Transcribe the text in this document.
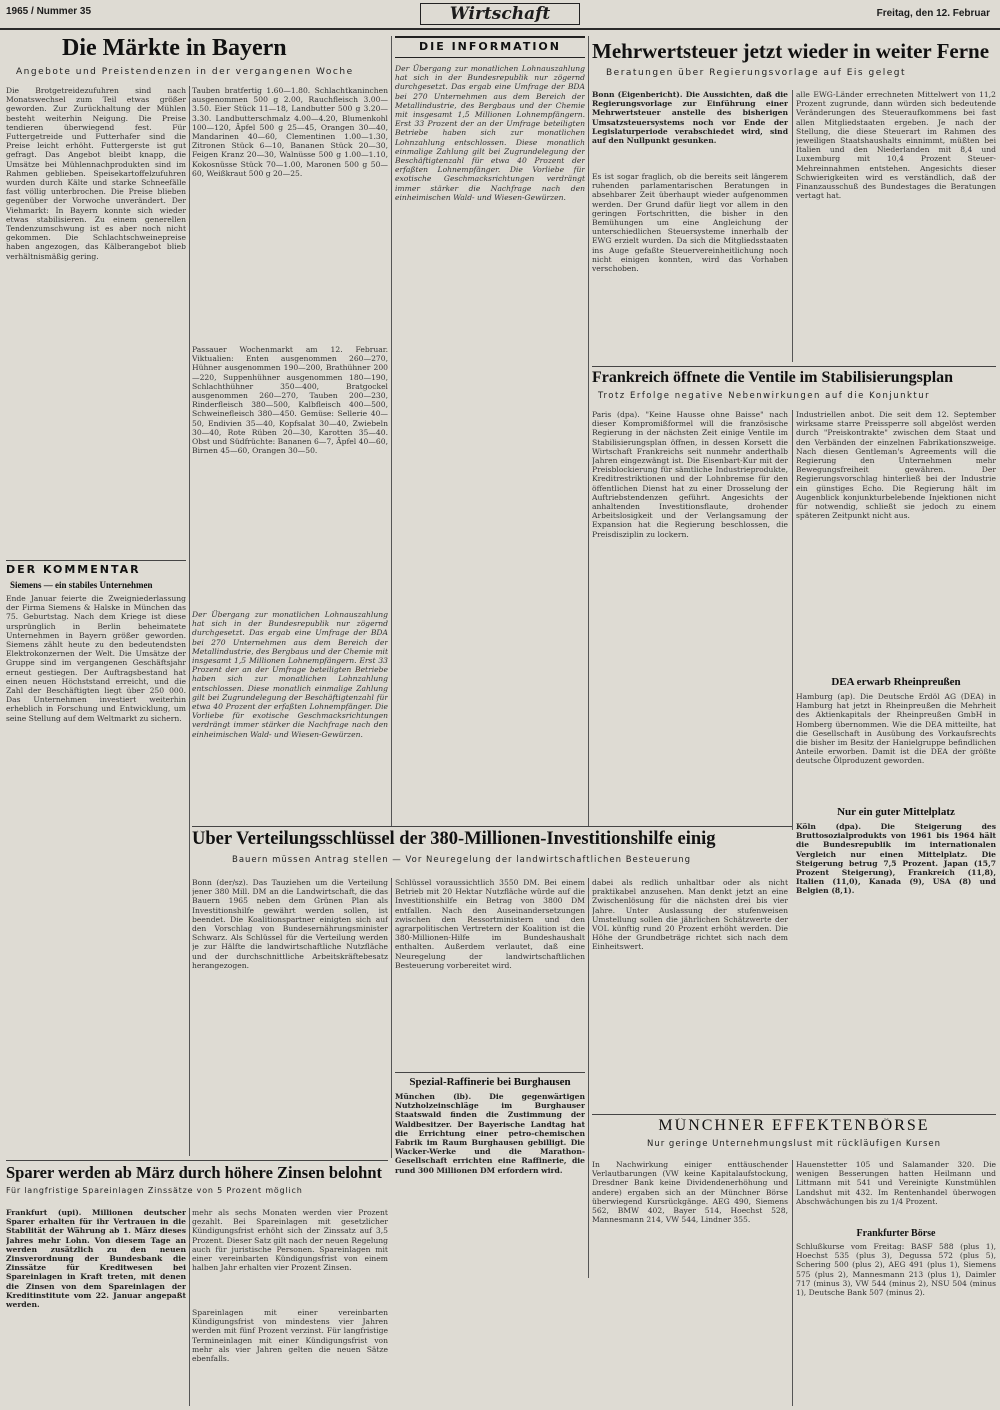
1965 / Nummer 35	Wirtschaft	Freitag, den 12. Februar
Die Märkte in Bayern
Angebote und Preistendenzen in der vergangenen Woche
Die Brotgetreidezufuhren sind nach Monatswechsel zum Teil etwas größer geworden. Zur Zurückhaltung der Mühlen besteht weiterhin Neigung. Die Preise tendieren überwiegend fest. Für Futtergetreide und Futterhafer sind die Preise leicht erhöht. Futtergerste ist gut gefragt. Das Angebot bleibt knapp, die Umsätze bei Mühlennachprodukten sind im Rahmen geblieben. Speisekartoffelzufuhren wurden durch Kälte und starke Schneefälle fast völlig unterbrochen. Die Preise blieben gegenüber der Vorwoche unverändert. Der Viehmarkt: In Bayern konnte sich wieder etwas stabilisieren. Zu einem generellen Tendenzumschwung ist es aber noch nicht gekommen. Die Schlachtschweinepreise haben angezogen, das Kälberangebot blieb verhältnismäßig gering.
Tauben bratfertig 1.60—1.80. Schlachtkaninchen ausgenommen 500 g 2.00, Rauchfleisch 3.00—3.50. Eier Stück 11—18, Landbutter 500 g 3.20—3.30. Landbutterschmalz 4.00—4.20, Blumenkohl 100—120, Äpfel 500 g 25—45, Orangen 30—40, Mandarinen 40—60, Clementinen 1.00—1.30, Zitronen Stück 6—10, Bananen Stück 20—30, Feigen Kranz 20—30, Walnüsse 500 g 1.00—1.10, Kokosnüsse Stück 70—1.00, Maronen 500 g 50—60, Weißkraut 500 g 20—25.
Passauer Wochenmarkt am 12. Februar. Viktualien: Enten ausgenommen 260—270, Hühner ausgenommen 190—200, Brathühner 200—220, Suppenhühner ausgenommen 180—190, Schlachthühner 350—400, Bratgockel ausgenommen 260—270, Tauben 200—230, Rinderfleisch 380—500, Kalbfleisch 400—500, Schweinefleisch 380—450. Gemüse: Sellerie 40—50, Endivien 35—40, Kopfsalat 30—40, Zwiebeln 30—40, Rote Rüben 20—30, Karotten 35—40. Obst und Südfrüchte: Bananen 6—7, Äpfel 40—60, Birnen 45—60, Orangen 30—50.
DER KOMMENTAR
Siemens — ein stabiles Unternehmen
Ende Januar feierte die Zweigniederlassung der Firma Siemens & Halske in München das 75. Geburtstag. Nach dem Kriege ist diese ursprünglich in Berlin beheimatete Unternehmen in Bayern größer geworden. Siemens zählt heute zu den bedeutendsten Elektrokonzernen der Welt. Die Umsätze der Gruppe sind im vergangenen Geschäftsjahr erneut gestiegen. Der Auftragsbestand hat einen neuen Höchststand erreicht, und die Zahl der Beschäftigten liegt über 250 000. Das Unternehmen investiert weiterhin erheblich in Forschung und Entwicklung, um seine Stellung auf dem Weltmarkt zu sichern.
Der Übergang zur monatlichen Lohnauszahlung hat sich in der Bundesrepublik nur zögernd durchgesetzt. Das ergab eine Umfrage der BDA bei 270 Unternehmen aus dem Bereich der Metallindustrie, des Bergbaus und der Chemie mit insgesamt 1,5 Millionen Lohnempfängern. Erst 33 Prozent der an der Umfrage beteiligten Betriebe haben sich zur monatlichen Lohnzahlung entschlossen. Diese monatlich einmalige Zahlung gilt bei Zugrundelegung der Beschäftigtenzahl für etwa 40 Prozent der erfaßten Lohnempfänger. Die Vorliebe für exotische Geschmacksrichtungen verdrängt immer stärker die Nachfrage nach den einheimischen Wald- und Wiesen-Gewürzen.
DIE INFORMATION
Der Übergang zur monatlichen Lohnauszahlung hat sich in der Bundesrepublik nur zögernd durchgesetzt. Das ergab eine Umfrage der BDA bei 270 Unternehmen aus dem Bereich der Metallindustrie, des Bergbaus und der Chemie mit insgesamt 1,5 Millionen Lohnempfängern. Erst 33 Prozent der an der Umfrage beteiligten Betriebe haben sich zur monatlichen Lohnzahlung entschlossen. Diese monatlich einmalige Zahlung gilt bei Zugrundelegung der Beschäftigtenzahl für etwa 40 Prozent der erfaßten Lohnempfänger. Die Vorliebe für exotische Geschmacksrichtungen verdrängt immer stärker die Nachfrage nach den einheimischen Wald- und Wiesen-Gewürzen.
Mehrwertsteuer jetzt wieder in weiter Ferne
Beratungen über Regierungsvorlage auf Eis gelegt
Bonn (Eigenbericht). Die Aussichten, daß die Regierungsvorlage zur Einführung einer Mehrwertsteuer anstelle des bisherigen Umsatzsteuersystems noch vor Ende der Legislaturperiode verabschiedet wird, sind auf den Nullpunkt gesunken.
Es ist sogar fraglich, ob die bereits seit längerem ruhenden parlamentarischen Beratungen in absehbarer Zeit überhaupt wieder aufgenommen werden. Der Grund dafür liegt vor allem in den geringen Fortschritten, die bisher in den Bemühungen um eine Angleichung der unterschiedlichen Steuersysteme innerhalb der EWG erzielt wurden. Da sich die Mitgliedsstaaten ins Auge gefaßte Steuervereinheitlichung noch nicht einigen konnten, wird das Vorhaben verschoben.
alle EWG-Länder errechneten Mittelwert von 11,2 Prozent zugrunde, dann würden sich bedeutende Veränderungen des Steueraufkommens bei fast allen Mitgliedstaaten ergeben. Je nach der Stellung, die diese Steuerart im Rahmen des jeweiligen Staatshaushalts einnimmt, müßten bei Italien und den Niederlanden mit 8,4 und Luxemburg mit 10,4 Prozent Steuer-Mehreinnahmen entstehen. Angesichts dieser Schwierigkeiten wird es verständlich, daß der Finanzausschuß des Bundestages die Beratungen vertagt hat.
Frankreich öffnete die Ventile im Stabilisierungsplan
Trotz Erfolge negative Nebenwirkungen auf die Konjunktur
Paris (dpa). "Keine Hausse ohne Baisse" nach dieser Kompromißformel will die französische Regierung in der nächsten Zeit einige Ventile im Stabilisierungsplan öffnen, in dessen Korsett die Wirtschaft Frankreichs seit nunmehr anderthalb Jahren eingezwängt ist. Die Eisenbart-Kur mit der Preisblockierung für sämtliche Industrieprodukte, Kreditrestriktionen und der Lohnbremse für den öffentlichen Dienst hat zu einer Drosselung der Auftriebstendenzen geführt. Angesichts der anhaltenden Investitionsflaute, drohender Arbeitslosigkeit und der Verlangsamung der Expansion hat die Regierung beschlossen, die Preisdisziplin zu lockern.
Industriellen anbot. Die seit dem 12. September wirksame starre Preissperre soll abgelöst werden durch "Preiskontrakte" zwischen dem Staat und den Verbänden der einzelnen Fabrikationszweige. Nach diesen Gentleman's Agreements will die Regierung den Unternehmen mehr Bewegungsfreiheit gewähren. Der Regierungsvorschlag hinterließ bei der Industrie ein günstiges Echo. Die Regierung hält im Augenblick konjunkturbelebende Injektionen nicht für notwendig, schließt sie jedoch zu einem späteren Zeitpunkt nicht aus.
DEA erwarb Rheinpreußen
Hamburg (ap). Die Deutsche Erdöl AG (DEA) in Hamburg hat jetzt in Rheinpreußen die Mehrheit des Aktienkapitals der Rheinpreußen GmbH in Homberg übernommen. Wie die DEA mitteilte, hat die Gesellschaft in Ausübung des Vorkaufsrechts die bisher im Besitz der Hanielgruppe befindlichen Anteile erworben. Damit ist die DEA der größte deutsche Ölproduzent geworden.
Nur ein guter Mittelplatz
Köln (dpa). Die Steigerung des Bruttosozialprodukts von 1961 bis 1964 hält die Bundesrepublik im internationalen Vergleich nur einen Mittelplatz. Die Steigerung betrug 7,5 Prozent. Japan (15,7 Prozent Steigerung), Frankreich (11,8), Italien (11,0), Kanada (9), USA (8) und Belgien (8,1).
Über Verteilungsschlüssel der 380-Millionen-Investitionshilfe einig
Bauern müssen Antrag stellen — Vor Neuregelung der landwirtschaftlichen Besteuerung
Bonn (der/sz). Das Tauziehen um die Verteilung jener 380 Mill. DM an die Landwirtschaft, die das Bauern 1965 neben dem Grünen Plan als Investitionshilfe gewährt werden sollen, ist beendet. Die Koalitionspartner einigten sich auf den Vorschlag von Bundesernährungsminister Schwarz. Als Schlüssel für die Verteilung werden je zur Hälfte die landwirtschaftliche Nutzfläche und der durchschnittliche Arbeitskräftebesatz herangezogen.
Schlüssel voraussichtlich 3550 DM. Bei einem Betrieb mit 20 Hektar Nutzfläche würde auf die Investitionshilfe ein Betrag von 3800 DM entfallen. Nach den Auseinandersetzungen zwischen den Ressortministern und den agrarpolitischen Vertretern der Koalition ist die 380-Millionen-Hilfe im Bundeshaushalt enthalten. Außerdem verlautet, daß eine Neuregelung der landwirtschaftlichen Besteuerung vorbereitet wird.
dabei als redlich unhaltbar oder als nicht praktikabel anzusehen. Man denkt jetzt an eine Zwischenlösung für die nächsten drei bis vier Jahre. Unter Auslassung der stufenweisen Umstellung sollen die jährlichen Schätzwerte der VOL künftig rund 20 Prozent erhöht werden. Die Höhe der Grundbeträge richtet sich nach dem Einheitswert.
Spezial-Raffinerie bei Burghausen
München (lb). Die gegenwärtigen Nutzholzeinschläge im Burghauser Staatswald finden die Zustimmung der Waldbesitzer. Der Bayerische Landtag hat die Errichtung einer petro-chemischen Fabrik im Raum Burghausen gebilligt. Die Wacker-Werke und die Marathon-Gesellschaft errichten eine Raffinerie, die rund 300 Millionen DM erfordern wird.
MÜNCHNER EFFEKTENBÖRSE
Nur geringe Unternehmungslust mit rückläufigen Kursen
In Nachwirkung einiger enttäuschender Verlautbarungen (VW keine Kapitalaufstockung, Dresdner Bank keine Dividendenerhöhung und andere) ergaben sich an der Münchner Börse überwiegend Kursrückgänge. AEG 490, Siemens 562, BMW 402, Bayer 514, Hoechst 528, Mannesmann 214, VW 544, Lindner 355.
Hauenstetter 105 und Salamander 320. Die wenigen Besserungen hatten Heilmann und Littmann mit 541 und Vereinigte Kunstmühlen Landshut mit 432. Im Rentenhandel überwogen Abschwächungen bis zu 1/4 Prozent.
Frankfurter Börse
Schlußkurse vom Freitag: BASF 588 (plus 1), Hoechst 535 (plus 3), Degussa 572 (plus 5), Schering 500 (plus 2), AEG 491 (plus 1), Siemens 575 (plus 2), Mannesmann 213 (plus 1), Daimler 717 (minus 3), VW 544 (minus 2), NSU 504 (minus 1), Deutsche Bank 507 (minus 2).
Sparer werden ab März durch höhere Zinsen belohnt
Für langfristige Spareinlagen Zinssätze von 5 Prozent möglich
Frankfurt (upi). Millionen deutscher Sparer erhalten für ihr Vertrauen in die Stabilität der Währung ab 1. März dieses Jahres mehr Lohn. Von diesem Tage an werden zusätzlich zu den neuen Zinsverordnung der Bundesbank die Zinssätze für Kreditwesen bei Spareinlagen in Kraft treten, mit denen die Zinsen von dem Spareinlagen der Kreditinstitute vom 22. Januar angepaßt werden.
mehr als sechs Monaten werden vier Prozent gezahlt. Bei Spareinlagen mit gesetzlicher Kündigungsfrist erhöht sich der Zinssatz auf 3,5 Prozent. Dieser Satz gilt nach der neuen Regelung auch für juristische Personen. Spareinlagen mit einer vereinbarten Kündigungsfrist von einem halben Jahr erhalten vier Prozent Zinsen.
Spareinlagen mit einer vereinbarten Kündigungsfrist von mindestens vier Jahren werden mit fünf Prozent verzinst. Für langfristige Termineinlagen mit einer Kündigungsfrist von mehr als vier Jahren gelten die neuen Sätze ebenfalls.
